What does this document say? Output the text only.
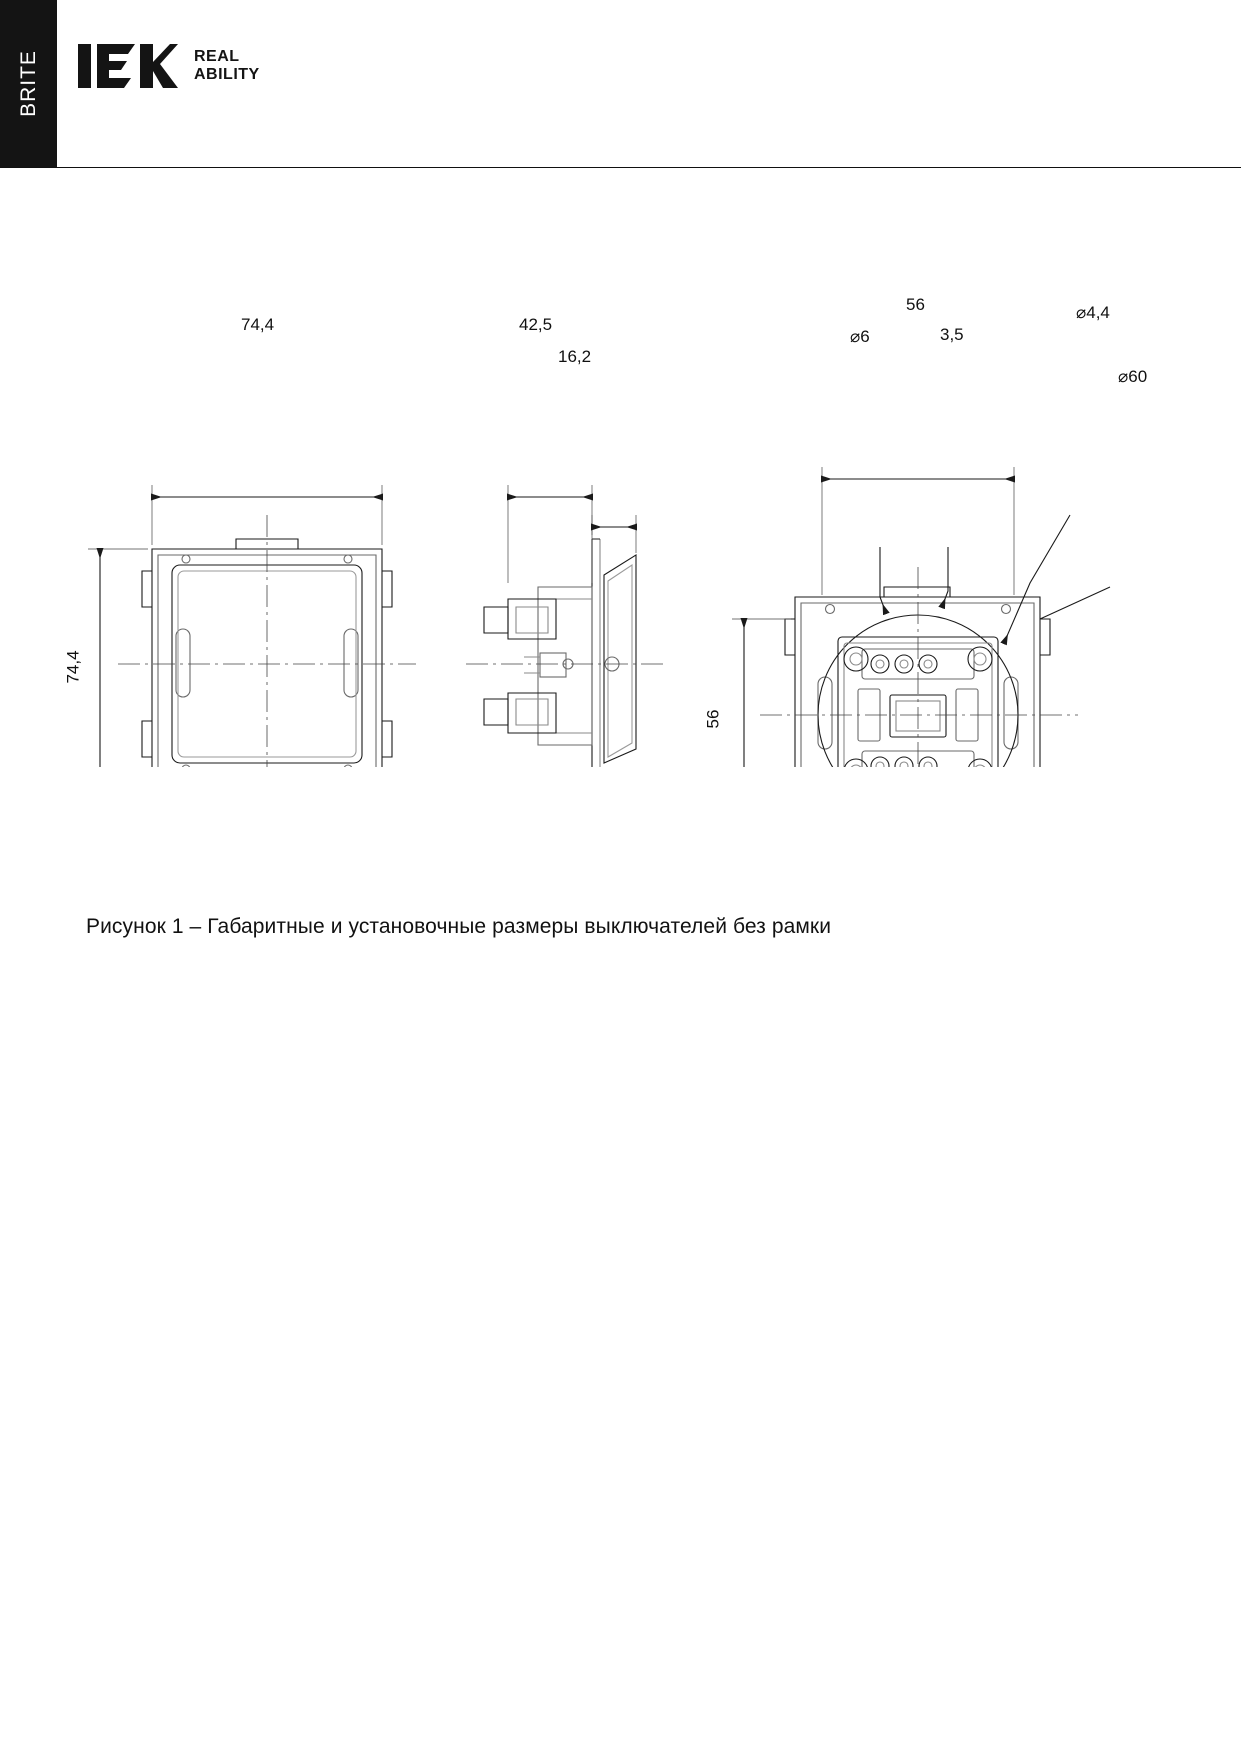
BRITE	REAL
ABILITY
74,4
74,4
42,5
16,2
56
56
⌀6	3,5
⌀4,4
⌀60
Рисунок 1 – Габаритные и установочные размеры выключателей без рамки
